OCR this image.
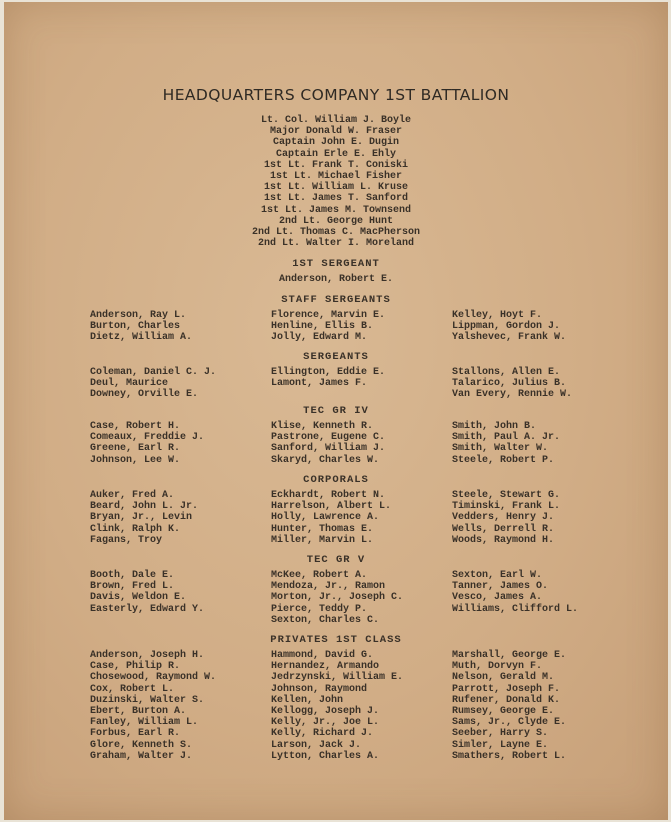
HEADQUARTERS COMPANY 1ST BATTALION
Lt. Col. William J. Boyle
Major Donald W. Fraser
Captain John E. Dugin
Captain Erle E. Ehly
1st Lt. Frank T. Coniski
1st Lt. Michael Fisher
1st Lt. William L. Kruse
1st Lt. James T. Sanford
1st Lt. James M. Townsend
2nd Lt. George Hunt
2nd Lt. Thomas C. MacPherson
2nd Lt. Walter I. Moreland
1ST SERGEANT
Anderson, Robert E.
STAFF SERGEANTS
Anderson, Ray L.
Burton, Charles
Dietz, William A.
Florence, Marvin E.
Henline, Ellis B.
Jolly, Edward M.
Kelley, Hoyt F.
Lippman, Gordon J.
Yalshevec, Frank W.
SERGEANTS
Coleman, Daniel C. J.
Deul, Maurice
Downey, Orville E.
Ellington, Eddie E.
Lamont, James F.
Stallons, Allen E.
Talarico, Julius B.
Van Every, Rennie W.
TEC GR IV
Case, Robert H.
Comeaux, Freddie J.
Greene, Earl R.
Johnson, Lee W.
Klise, Kenneth R.
Pastrone, Eugene C.
Sanford, William J.
Skaryd, Charles W.
Smith, John B.
Smith, Paul A. Jr.
Smith, Walter W.
Steele, Robert P.
CORPORALS
Auker, Fred A.
Beard, John L. Jr.
Bryan, Jr., Levin
Clink, Ralph K.
Fagans, Troy
Eckhardt, Robert N.
Harrelson, Albert L.
Holly, Lawrence A.
Hunter, Thomas E.
Miller, Marvin L.
Steele, Stewart G.
Timinski, Frank L.
Vedders, Henry J.
Wells, Derrell R.
Woods, Raymond H.
TEC GR V
Booth, Dale E.
Brown, Fred L.
Davis, Weldon E.
Easterly, Edward Y.
McKee, Robert A.
Mendoza, Jr., Ramon
Morton, Jr., Joseph C.
Pierce, Teddy P.
Sexton, Charles C.
Sexton, Earl W.
Tanner, James O.
Vesco, James A.
Williams, Clifford L.
PRIVATES 1ST CLASS
Anderson, Joseph H.
Case, Philip R.
Chosewood, Raymond W.
Cox, Robert L.
Duzinski, Walter S.
Ebert, Burton A.
Fanley, William L.
Forbus, Earl R.
Glore, Kenneth S.
Graham, Walter J.
Hammond, David G.
Hernandez, Armando
Jedrzynski, William E.
Johnson, Raymond
Kellen, John
Kellogg, Joseph J.
Kelly, Jr., Joe L.
Kelly, Richard J.
Larson, Jack J.
Lytton, Charles A.
Marshall, George E.
Muth, Dorvyn F.
Nelson, Gerald M.
Parrott, Joseph F.
Rufener, Donald K.
Rumsey, George E.
Sams, Jr., Clyde E.
Seeber, Harry S.
Simler, Layne E.
Smathers, Robert L.
